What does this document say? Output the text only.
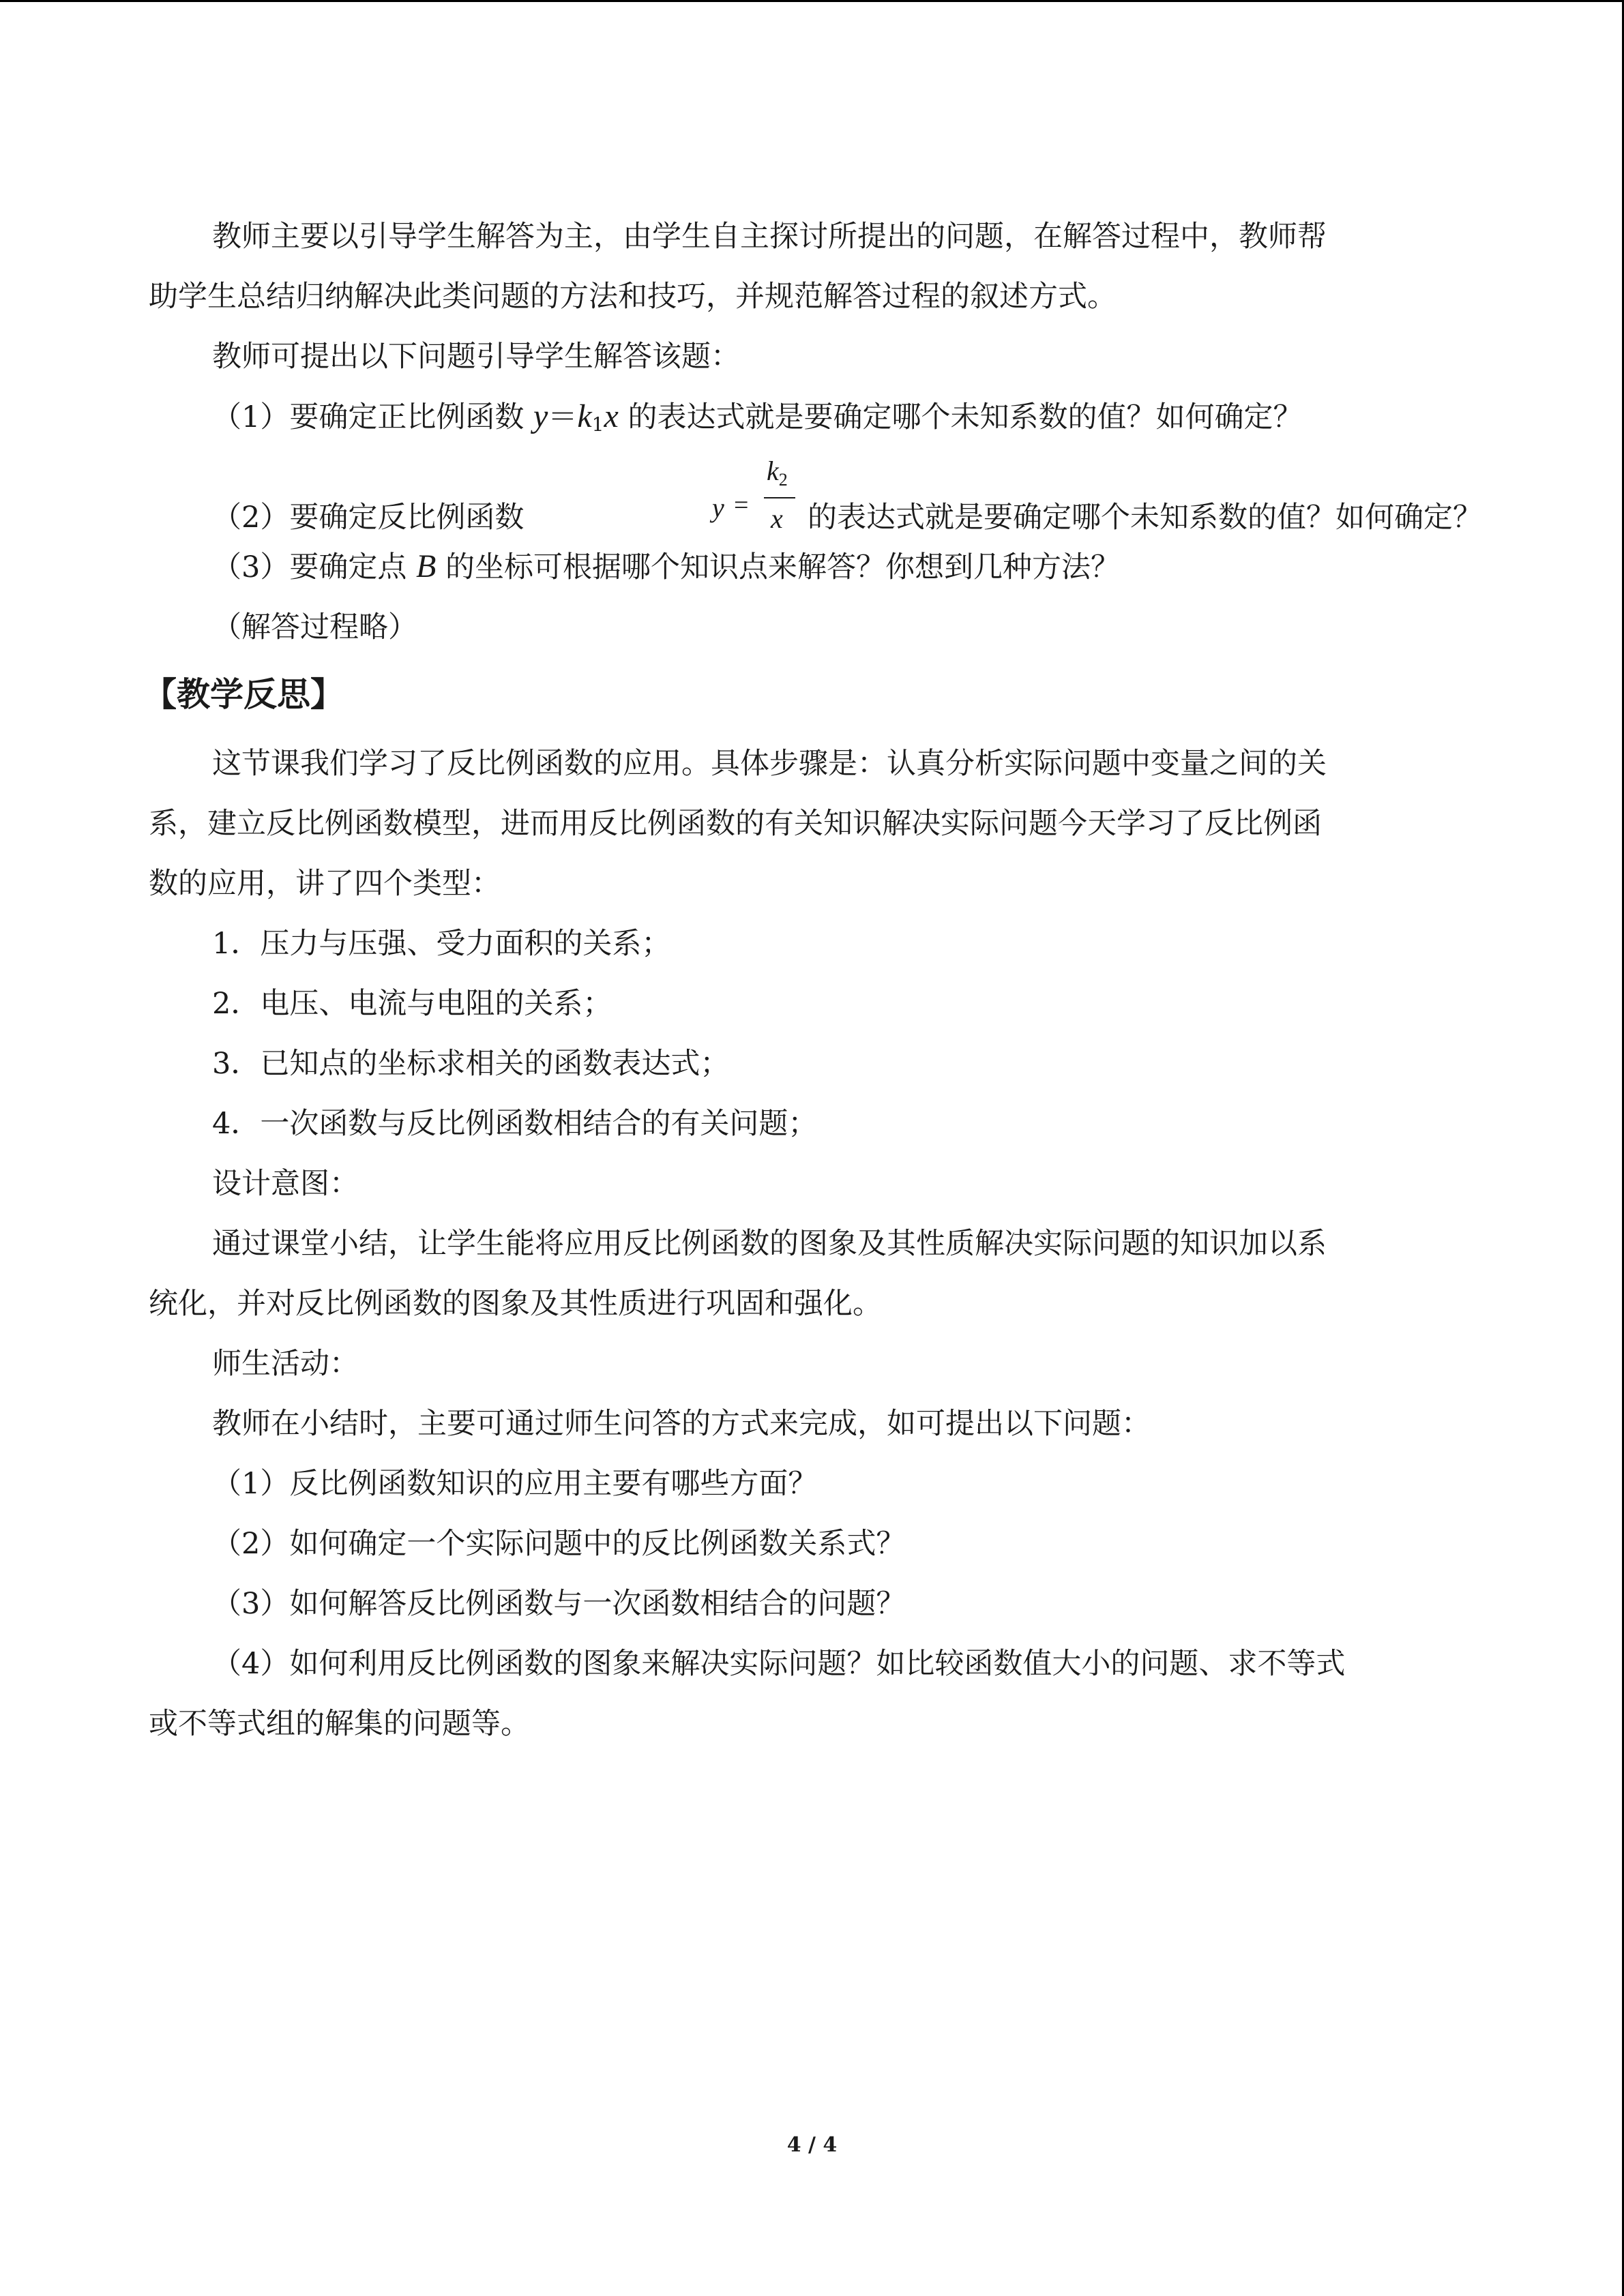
教师主要以引导学生解答为主，由学生自主探讨所提出的问题，在解答过程中，教师帮

助学生总结归纳解决此类问题的方法和技巧，并规范解答过程的叙述方式。

教师可提出以下问题引导学生解答该题：

（1）要确定正比例函数 $y=k_1x$ 的表达式就是要确定哪个未知系数的值？如何确定？

（2）要确定反比例函数	y =
$k_2$
x 的表达式就是要确定哪个未知系数的值？如何确定？

（3）要确定点 B 的坐标可根据哪个知识点来解答？你想到几种方法？

（解答过程略）

【教学反思】

这节课我们学习了反比例函数的应用。具体步骤是：认真分析实际问题中变量之间的关

系，建立反比例函数模型，进而用反比例函数的有关知识解决实际问题今天学习了反比例函

数的应用，讲了四个类型：

1．压力与压强、受力面积的关系；

2．电压、电流与电阻的关系；

3．已知点的坐标求相关的函数表达式；

4．一次函数与反比例函数相结合的有关问题；

设计意图：

通过课堂小结，让学生能将应用反比例函数的图象及其性质解决实际问题的知识加以系

统化，并对反比例函数的图象及其性质进行巩固和强化。

师生活动：

教师在小结时，主要可通过师生问答的方式来完成，如可提出以下问题：

（1）反比例函数知识的应用主要有哪些方面？

（2）如何确定一个实际问题中的反比例函数关系式？

（3）如何解答反比例函数与一次函数相结合的问题？

（4）如何利用反比例函数的图象来解决实际问题？如比较函数值大小的问题、求不等式

或不等式组的解集的问题等。

4 / 4
